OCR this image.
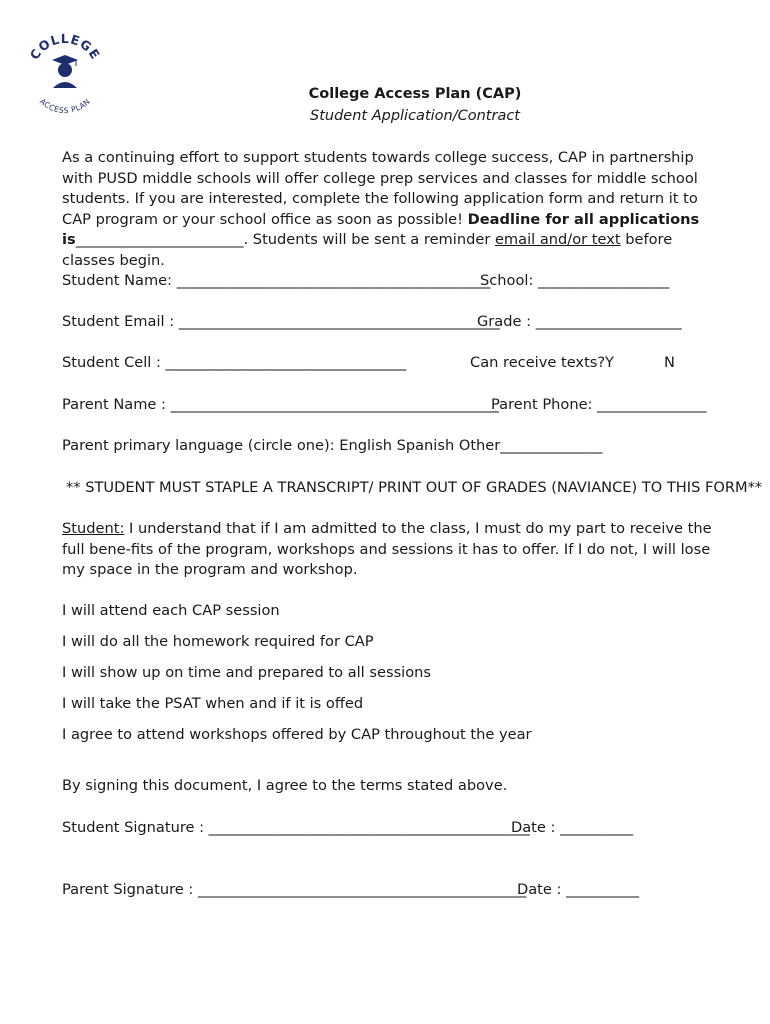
COLLEGE
ACCESS PLAN
College Access Plan (CAP)
Student Application/Contract
As a continuing effort to support students towards college success, CAP in partnership with PUSD middle schools will offer college prep services and classes for middle school students. If you are interested, complete the following application form and return it to CAP program or your school office as soon as possible! Deadline for all applications is_______________________. Students will be sent a reminder email and/or text before classes begin.
Student Name: ___________________________________________
School: __________________
Student Email : ____________________________________________
Grade : ____________________
Student Cell : _________________________________	Can receive texts? Y	N
Parent Name : _____________________________________________
Parent Phone: _______________
Parent primary language (circle one): English Spanish Other______________
** STUDENT MUST STAPLE A TRANSCRIPT/ PRINT OUT OF GRADES (NAVIANCE) TO THIS FORM**
Student: I understand that if I am admitted to the class, I must do my part to receive the full bene-fits of the program, workshops and sessions it has to offer. If I do not, I will lose my space in the program and workshop.
I will attend each CAP session
I will do all the homework required for CAP
I will show up on time and prepared to all sessions
I will take the PSAT when and if it is offed
I agree to attend workshops offered by CAP throughout the year
By signing this document, I agree to the terms stated above.
Student Signature : ____________________________________________
Date : __________
Parent Signature : _____________________________________________
Date : __________
